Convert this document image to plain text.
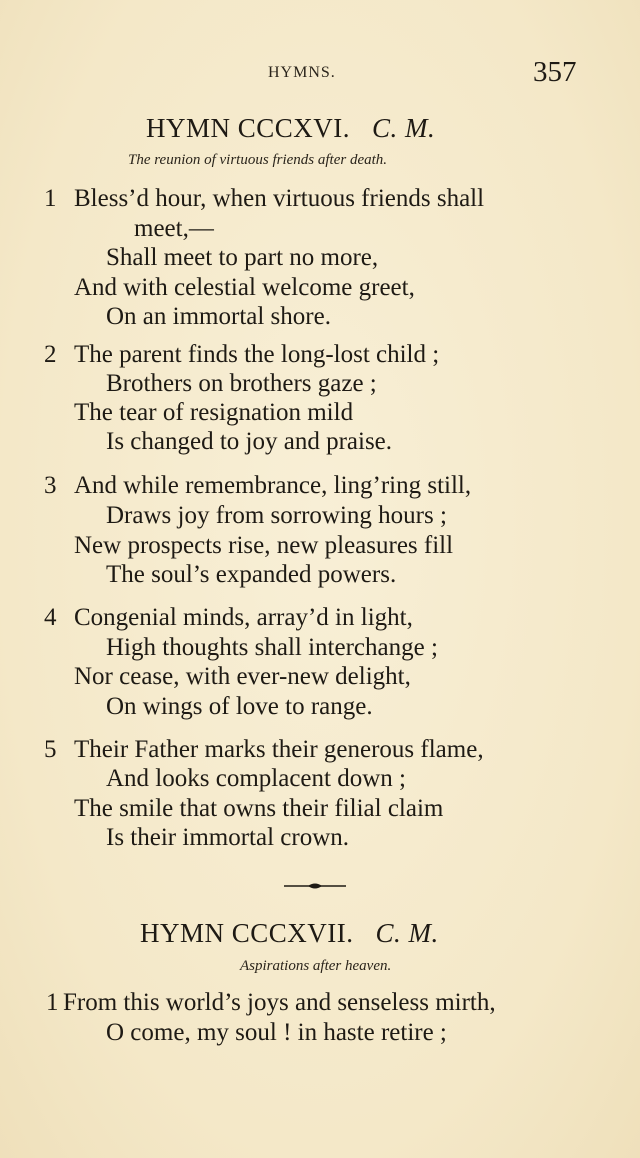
HYMNS.	357
HYMN CCCXVI. C. M.
The reunion of virtuous friends after death.
1 Bless’d hour, when virtuous friends shall
meet,—
Shall meet to part no more,
And with celestial welcome greet,
On an immortal shore.
2 The parent finds the long-lost child ;
Brothers on brothers gaze ;
The tear of resignation mild
Is changed to joy and praise.
3 And while remembrance, ling’ring still,
Draws joy from sorrowing hours ;
New prospects rise, new pleasures fill
The soul’s expanded powers.
4 Congenial minds, array’d in light,
High thoughts shall interchange ;
Nor cease, with ever-new delight,
On wings of love to range.
5 Their Father marks their generous flame,
And looks complacent down ;
The smile that owns their filial claim
Is their immortal crown.
HYMN CCCXVII. C. M.
Aspirations after heaven.
1 From this world’s joys and senseless mirth,
O come, my soul ! in haste retire ;
